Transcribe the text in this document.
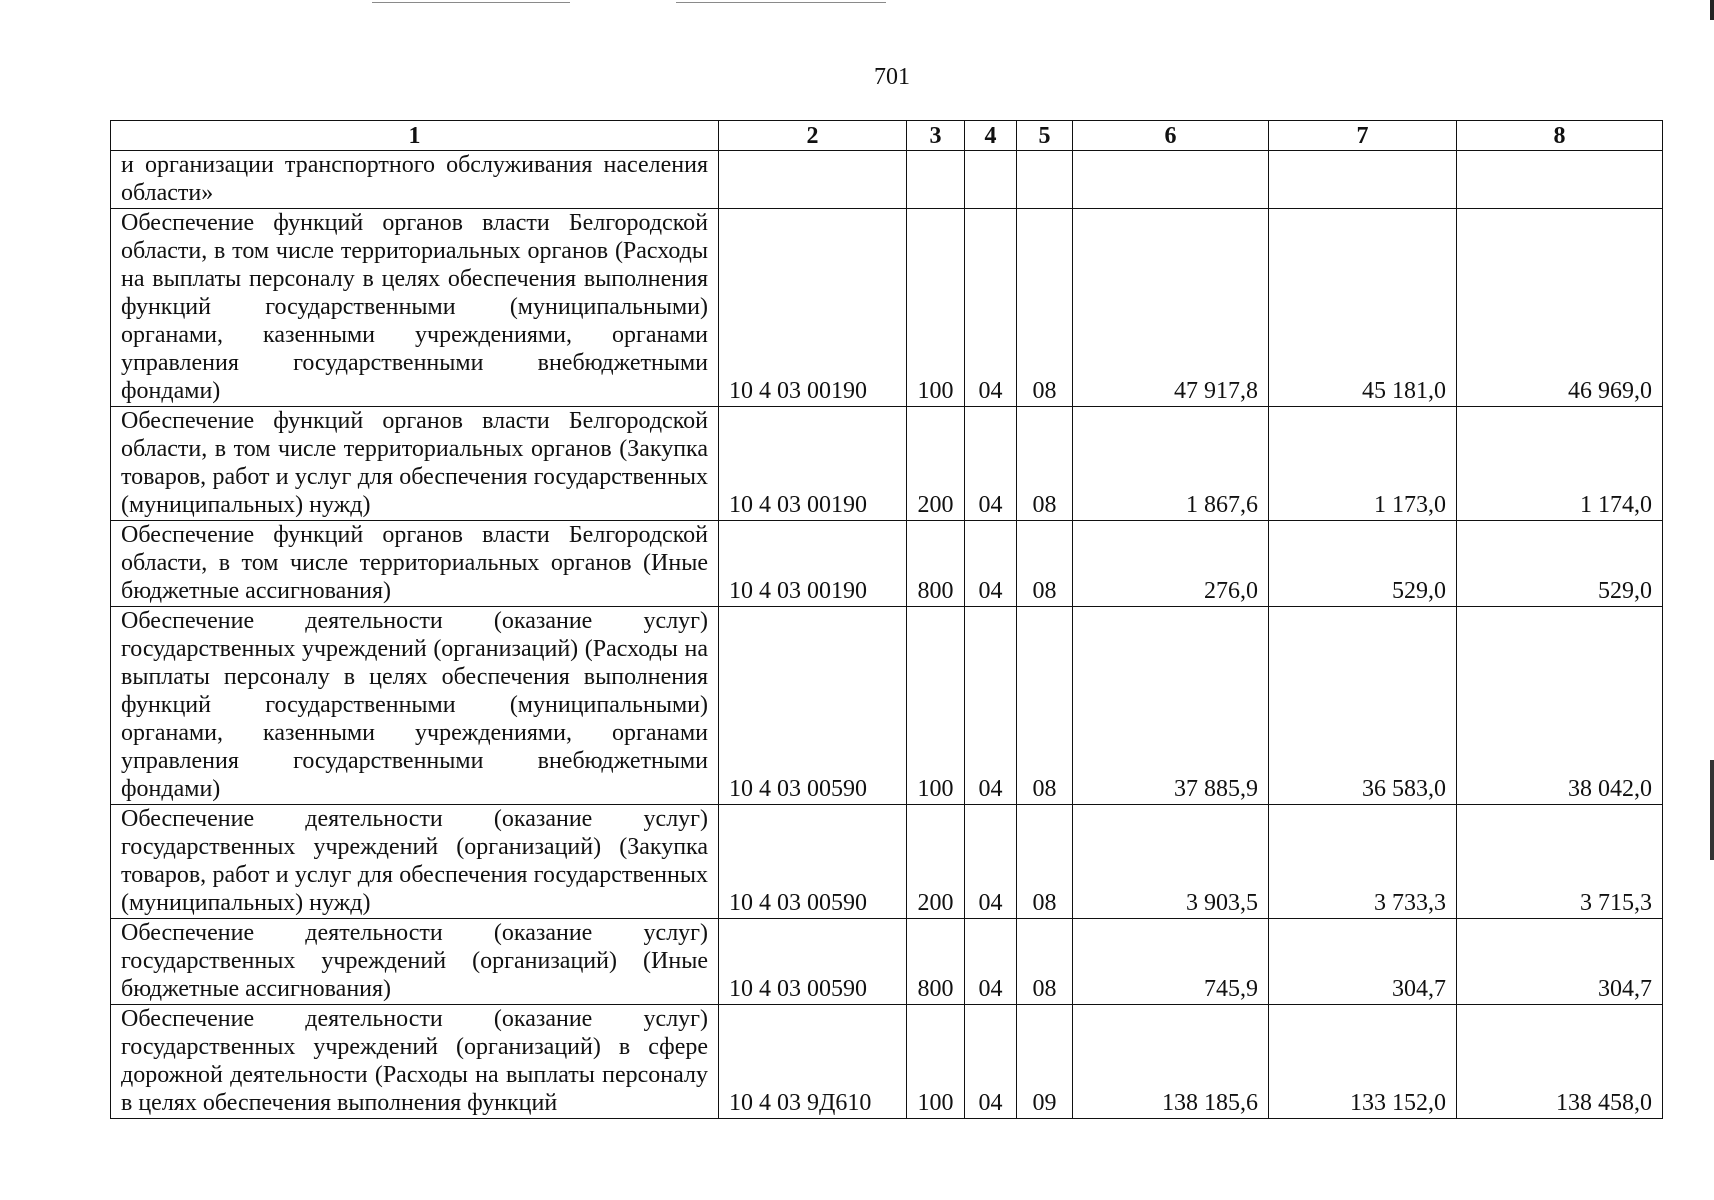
701
1	2	3	4	5	6	7	8
и организации транспортного обслуживания населения области»							
Обеспечение функций органов власти Белгородской области, в том числе территориальных органов (Расходы на выплаты персоналу в целях обеспечения выполнения функций государственными (муниципальными) органами, казенными учреждениями, органами управления государственными внебюджетными фондами)	10 4 03 00190	100	04	08	47 917,8	45 181,0	46 969,0
Обеспечение функций органов власти Белгородской области, в том числе территориальных органов (Закупка товаров, работ и услуг для обеспечения государственных (муниципальных) нужд)	10 4 03 00190	200	04	08	1 867,6	1 173,0	1 174,0
Обеспечение функций органов власти Белгородской области, в том числе территориальных органов (Иные бюджетные ассигнования)	10 4 03 00190	800	04	08	276,0	529,0	529,0
Обеспечение деятельности (оказание услуг) государственных учреждений (организаций) (Расходы на выплаты персоналу в целях обеспечения выполнения функций государственными (муниципальными) органами, казенными учреждениями, органами управления государственными внебюджетными фондами)	10 4 03 00590	100	04	08	37 885,9	36 583,0	38 042,0
Обеспечение деятельности (оказание услуг) государственных учреждений (организаций) (Закупка товаров, работ и услуг для обеспечения государственных (муниципальных) нужд)	10 4 03 00590	200	04	08	3 903,5	3 733,3	3 715,3
Обеспечение деятельности (оказание услуг) государственных учреждений (организаций) (Иные бюджетные ассигнования)	10 4 03 00590	800	04	08	745,9	304,7	304,7
Обеспечение деятельности (оказание услуг) государственных учреждений (организаций) в сфере дорожной деятельности (Расходы на выплаты персоналу в целях обеспечения выполнения функций	10 4 03 9Д610	100	04	09	138 185,6	133 152,0	138 458,0
